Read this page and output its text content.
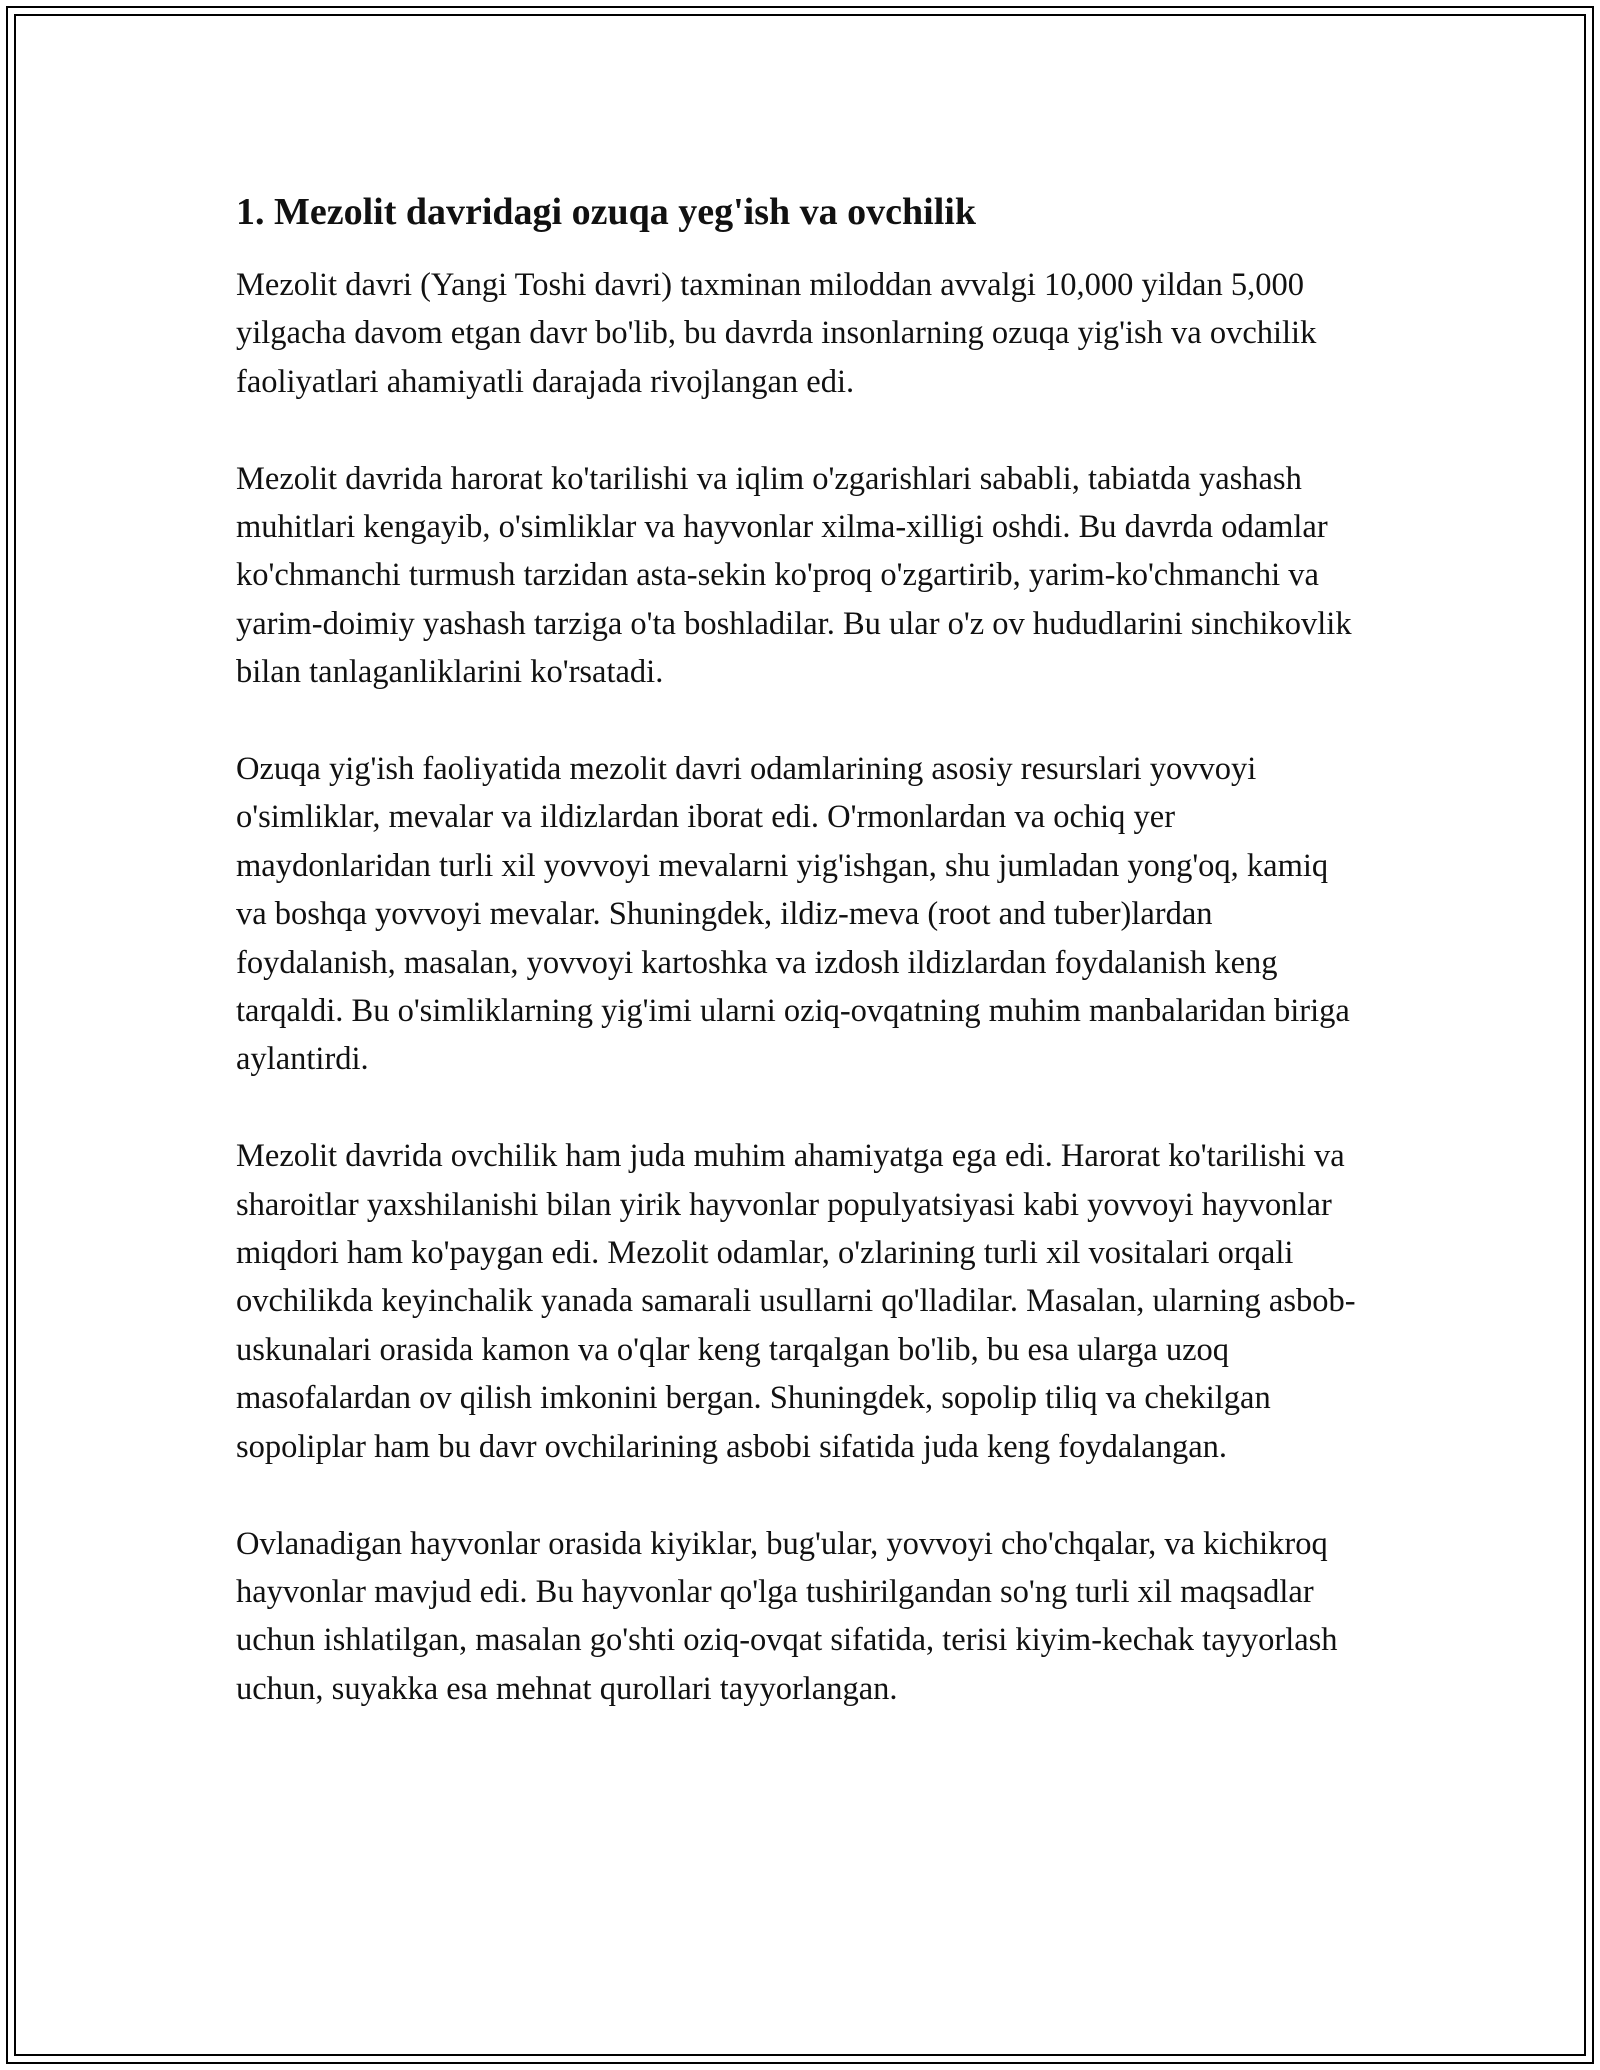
1. Mezolit davridagi ozuqa yeg'ish va ovchilik

Mezolit davri (Yangi Toshi davri) taxminan miloddan avvalgi 10,000 yildan 5,000 yilgacha davom etgan davr bo'lib, bu davrda insonlarning ozuqa yig'ish va ovchilik faoliyatlari ahamiyatli darajada rivojlangan edi.

Mezolit davrida harorat ko'tarilishi va iqlim o'zgarishlari sababli, tabiatda yashash muhitlari kengayib, o'simliklar va hayvonlar xilma-xilligi oshdi. Bu davrda odamlar ko'chmanchi turmush tarzidan asta-sekin ko'proq o'zgartirib, yarim-ko'chmanchi va yarim-doimiy yashash tarziga o'ta boshladilar. Bu ular o'z ov hududlarini sinchikovlik bilan tanlaganliklarini ko'rsatadi.

Ozuqa yig'ish faoliyatida mezolit davri odamlarining asosiy resurslari yovvoyi o'simliklar, mevalar va ildizlardan iborat edi. O'rmonlardan va ochiq yer maydonlaridan turli xil yovvoyi mevalarni yig'ishgan, shu jumladan yong'oq, kamiq va boshqa yovvoyi mevalar. Shuningdek, ildiz-meva (root and tuber)lardan foydalanish, masalan, yovvoyi kartoshka va izdosh ildizlardan foydalanish keng tarqaldi. Bu o'simliklarning yig'imi ularni oziq-ovqatning muhim manbalaridan biriga aylantirdi.

Mezolit davrida ovchilik ham juda muhim ahamiyatga ega edi. Harorat ko'tarilishi va sharoitlar yaxshilanishi bilan yirik hayvonlar populyatsiyasi kabi yovvoyi hayvonlar miqdori ham ko'paygan edi. Mezolit odamlar, o'zlarining turli xil vositalari orqali ovchilikda keyinchalik yanada samarali usullarni qo'lladilar. Masalan, ularning asbob-uskunalari orasida kamon va o'qlar keng tarqalgan bo'lib, bu esa ularga uzoq masofalardan ov qilish imkonini bergan. Shuningdek, sopolip tiliq va chekilgan sopoliplar ham bu davr ovchilarining asbobi sifatida juda keng foydalangan.

Ovlanadigan hayvonlar orasida kiyiklar, bug'ular, yovvoyi cho'chqalar, va kichikroq hayvonlar mavjud edi. Bu hayvonlar qo'lga tushirilgandan so'ng turli xil maqsadlar uchun ishlatilgan, masalan go'shti oziq-ovqat sifatida, terisi kiyim-kechak tayyorlash uchun, suyakka esa mehnat qurollari tayyorlangan.
